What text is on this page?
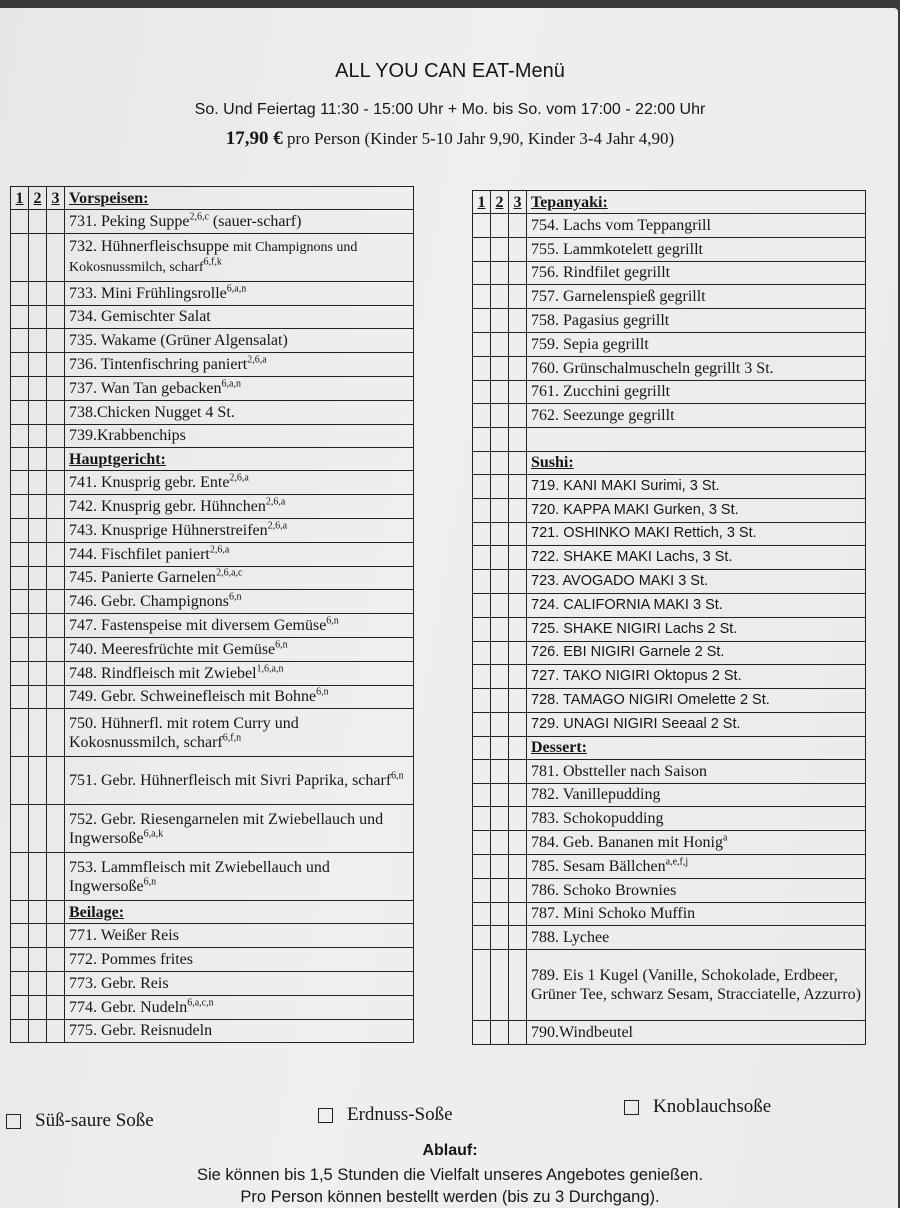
ALL YOU CAN EAT-Menü
So. Und Feiertag 11:30 - 15:00 Uhr + Mo. bis So. vom 17:00 - 22:00 Uhr
17,90 € pro Person (Kinder 5-10 Jahr 9,90, Kinder 3-4 Jahr 4,90)
1	2	3	Vorspeisen:
			731. Peking Suppe$^{2,6,c}$ (sauer-scharf)
			732. Hühnerfleischsuppe mit Champignons und Kokosnussmilch, scharf$^{6,f,k}$
			733. Mini Frühlingsrolle$^{6,a,n}$
			734. Gemischter Salat
			735. Wakame (Grüner Algensalat)
			736. Tintenfischring paniert$^{2,6,a}$
			737. Wan Tan gebacken$^{6,a,n}$
			738.Chicken Nugget 4 St.
			739.Krabbenchips
			Hauptgericht:
			741. Knusprig gebr. Ente$^{2,6,a}$
			742. Knusprig gebr. Hühnchen$^{2,6,a}$
			743. Knusprige Hühnerstreifen$^{2,6,a}$
			744. Fischfilet paniert$^{2,6,a}$
			745. Panierte Garnelen$^{2,6,a,c}$
			746. Gebr. Champignons$^{6,n}$
			747. Fastenspeise mit diversem Gemüse$^{6,n}$
			740. Meeresfrüchte mit Gemüse$^{6,n}$
			748. Rindfleisch mit Zwiebel$^{1,6,a,n}$
			749. Gebr. Schweinefleisch mit Bohne$^{6,n}$
			750. Hühnerfl. mit rotem Curry und Kokosnussmilch, scharf$^{6,f,n}$
			751. Gebr. Hühnerfleisch mit Sivri Paprika, scharf$^{6,n}$
			752. Gebr. Riesengarnelen mit Zwiebellauch und Ingwersoße$^{6,a,k}$
			753. Lammfleisch mit Zwiebellauch und Ingwersoße$^{6,n}$
			Beilage:
			771. Weißer Reis
			772. Pommes frites
			773. Gebr. Reis
			774. Gebr. Nudeln$^{6,a,c,n}$
			775. Gebr. Reisnudeln
1	2	3	Tepanyaki:
			754. Lachs vom Teppangrill
			755. Lammkotelett gegrillt
			756. Rindfilet gegrillt
			757. Garnelenspieß gegrillt
			758. Pagasius gegrillt
			759. Sepia gegrillt
			760. Grünschalmuscheln gegrillt 3 St.
			761. Zucchini gegrillt
			762. Seezunge gegrillt

			Sushi:
			719. KANI MAKI Surimi, 3 St.
			720. KAPPA MAKI Gurken, 3 St.
			721. OSHINKO MAKI Rettich, 3 St.
			722. SHAKE MAKI Lachs, 3 St.
			723. AVOGADO MAKI 3 St.
			724. CALIFORNIA MAKI 3 St.
			725. SHAKE NIGIRI Lachs 2 St.
			726. EBI NIGIRI Garnele 2 St.
			727. TAKO NIGIRI Oktopus 2 St.
			728. TAMAGO NIGIRI Omelette 2 St.
			729. UNAGI NIGIRI Seeaal 2 St.
			Dessert:
			781. Obstteller nach Saison
			782. Vanillepudding
			783. Schokopudding
			784. Geb. Bananen mit Honig$^a$
			785. Sesam Bällchen$^{a,e,f,j}$
			786. Schoko Brownies
			787. Mini Schoko Muffin
			788. Lychee
			789. Eis 1 Kugel (Vanille, Schokolade, Erdbeer, Grüner Tee, schwarz Sesam, Stracciatelle, Azzurro)
			790.Windbeutel
Süß-saure Soße	Erdnuss-Soße	Knoblauchsoße
Ablauf:
Sie können bis 1,5 Stunden die Vielfalt unseres Angebotes genießen.
Pro Person können bestellt werden (bis zu 3 Durchgang).
